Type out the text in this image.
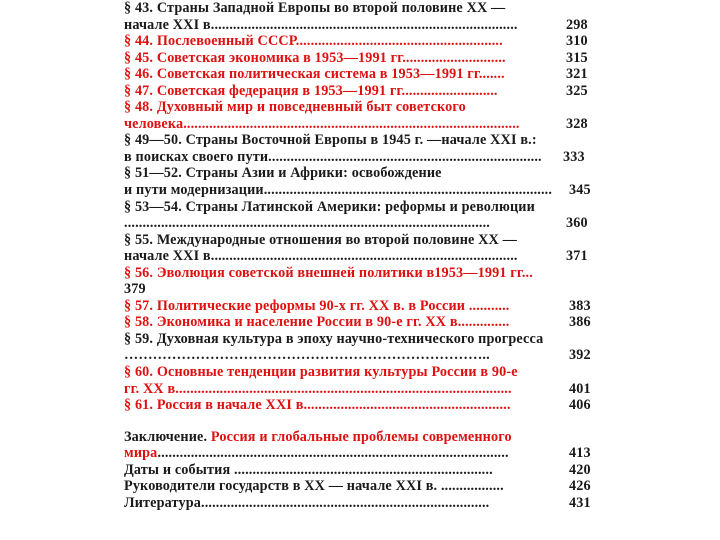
§ 43. Страны Западной Европы во второй половине XX —
начале XXI в...................................................................................	298
§ 44. Послевоенный СССР........................................................	310
§ 45. Советская экономика в 1953—1991 гг............................	315
§ 46. Советская политическая система в 1953—1991 гг.......	321
§ 47. Советская федерация в 1953—1991 гг..........................	325
§ 48. Духовный мир и повседневный быт советского
человека...........................................................................................	328
§ 49—50. Страны Восточной Европы в 1945 г. —начале XXI в.:
в поисках своего пути..........................................................................	333
§ 51—52. Страны Азии и Африки: освобождение
и пути модернизации..............................................................................	345
§ 53—54. Страны Латинской Америки: реформы и революции
...................................................................................................	360
§ 55. Международные отношения во второй половине XX —
начале XXI в...................................................................................	371
§ 56. Эволюция советской внешней политики в1953—1991 гг...
379
§ 57. Политические реформы 90-х гг. XX в. в России ...........	383
§ 58. Экономика и население России в 90-е гг. XX в..............	386
§ 59. Духовная культура в эпоху научно-технического прогресса
…………………………………………………………………..	392
§ 60. Основные тенденции развития культуры России в 90-е
гг. XX в...........................................................................................	401
§ 61. Россия в начале XXI в........................................................	406
Заключение. Россия и глобальные проблемы современного
мира...............................................................................................	413
Даты и события ......................................................................	420
Руководители государств в XX — начале XXI в. .................	426
Литература..............................................................................	431
